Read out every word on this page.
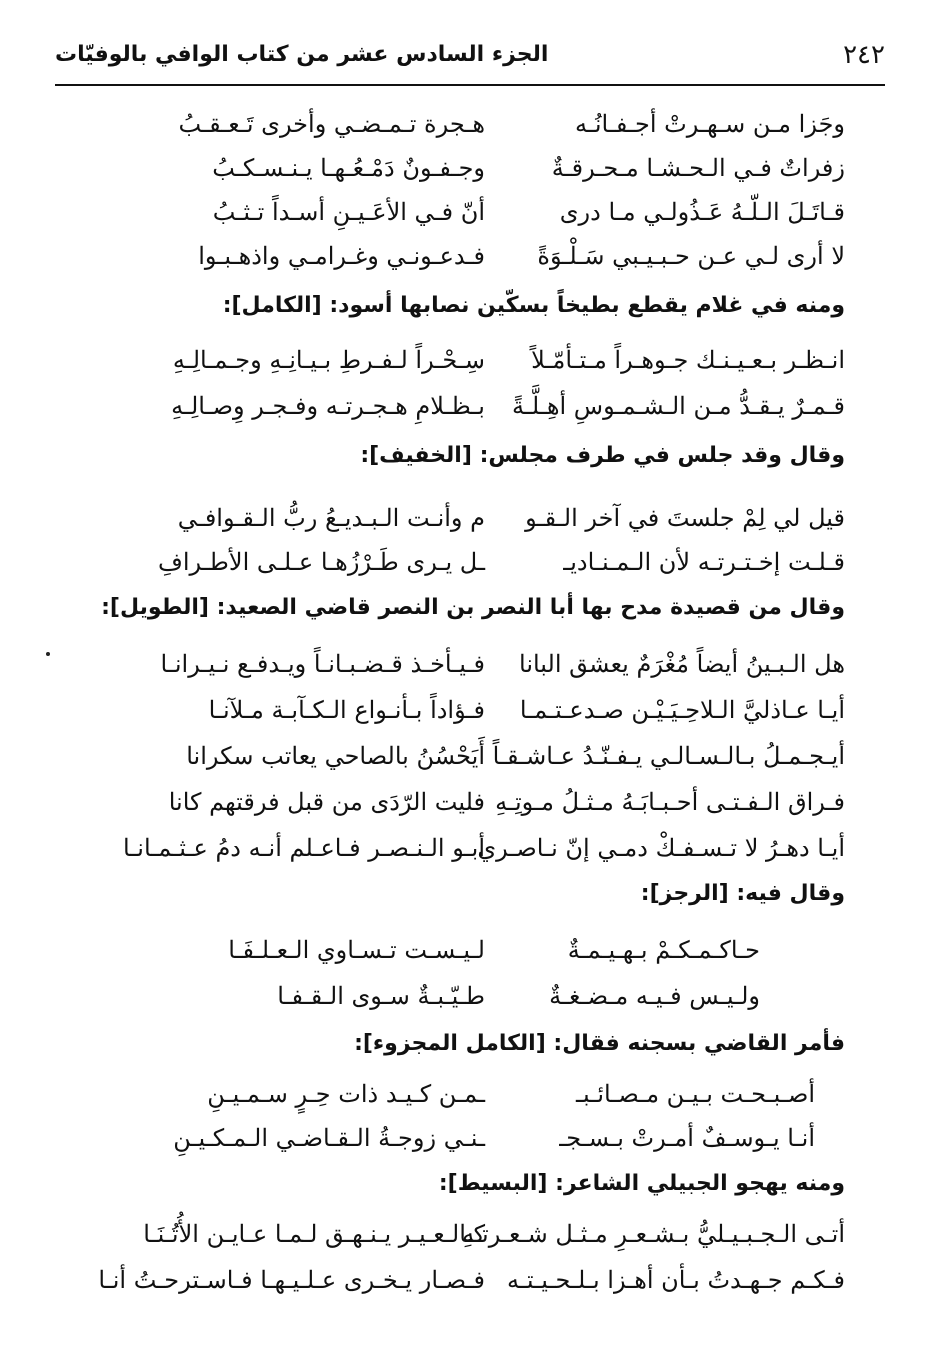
٢٤٢
الجزء السادس عشر من كتاب الوافي بالوفيّات
وجَزا مـن سـهـرتْ أجـفـانُـه
هـجرة تـمـضـي وأخرى تَـعـقـبُ
زفراتٌ فـي الـحـشـا مـحـرقـةٌ
وجـفـونٌ دَمْـعُـهـا يـنـسـكـبُ
قـاتَـلَ الـلّـهُ عَـذُولـي مـا درى
أنّ فـي الأعَـيـنِ أسـداً تـثـبُ
لا أرى لـي عـن حـبـيـبي سَـلْـوَةً
فـدعـونـي وغـرامـي واذهـبـوا
ومنه في غلام يقطع بطيخاً بسكّين نصابها أسود: [الكامل]:
انـظـر بـعـيـنـك جـوهـراً مـتـأمّـلاً
سِـحْـراً لـفـرطِ بـيـانِـهِ وجـمـالِـهِ
قـمـرٌ يـقـدُّ مـن الـشـمـوسِ أهِـلَّـةً
بـظـلامِ هـجـرتـه وفـجـر وِصـالِـهِ
وقال وقد جلس في طرف مجلس: [الخفيف]:
قيل لي لِمْ جلستَ في آخر الـقـو
م وأنـت الـبـديـعُ ربُّ الـقـوافـي
قـلـت إخـتـرتـه لأن الـمـنـاديـ
ـل يـرى طَـرْزُهـا عـلـى الأطـرافِ
وقال من قصيدة مدح بها أبا النصر بن النصر قاضي الصعيد: [الطويل]:
هل الـبـينُ أيضاً مُغْرَمٌ يعشق البانا
فـيـأخـذ قـضـبـانـاً ويـدفـع نـيـرانـا
أيـا عـاذليَّ الـلاحِـيَـيْـن صـدعـتـمـا
فـؤاداً بـأنـواع الـكـآبـة مـلآنـا
أيـجـمـلُ بـالـسـالـي يـفـنّـدُ عـاشـقـاً
أَيَحْسُنُ بالصاحي يعاتب سكرانا
فـراق الـفـتـى أحـبـابَـهُ مـثـلُ مـوتِـهِ
فليت الرّدَى من قبل فرقتهم كانا
أيـا دهـرُ لا تـسـفـكْ دمـي إنّ نـاصـري
أبـو الـنـصـر فـاعـلم أنـه دمُ عـثـمـانـا
وقال فيه: [الرجز]:
حـاكـمـكـمْ بـهـيـمـةٌ
لـيـسـت تـسـاوي الـعـلـفَـا
ولـيـس فـيـه مـضـغـةٌ
طـيّـبـةٌ سـوى الـقـفـا
فأمر القاضي بسجنه فقال: [الكامل المجزوء]:
أصـبـحـت بـيـن مـصـائـبـ
ـمـن كـيـد ذات حِـرٍ سـمـيـنِ
أنـا يـوسـفٌ أمـرتْ بـسـجـ
ـنـي زوجـةُ الـقـاضـي الـمـكـيـنِ
ومنه يهجو الجبيلي الشاعر: [البسيط]:
أتـى الـجـبـيـليُّ بـشـعـرِ مـثـل شـعـرتـهِ
كـالـعـيـر يـنـهـق لـمـا عـايـن الأُتُـنَـا
فـكـم جـهـدتُ بـأن أهـزا بـلـحـيـتـه
فـصـار يـخـرى عـلـيـهـا فـاسـترحـتُ أنـا
